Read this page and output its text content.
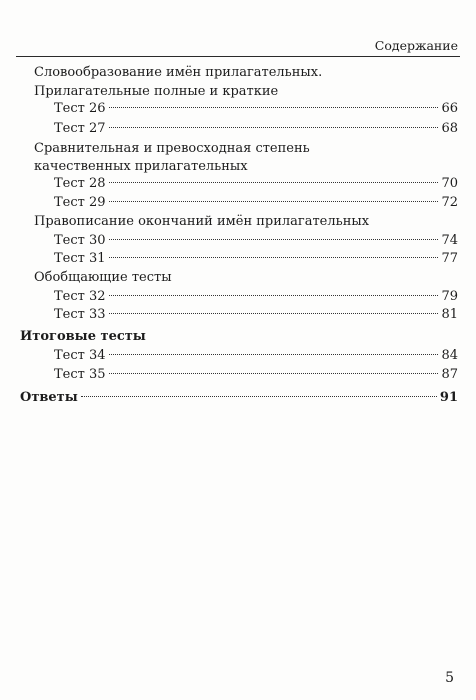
Содержание
Словообразование имён прилагательных.
Прилагательные полные и краткие
Тест 26	66
Тест 27	68
Сравнительная и превосходная степень
качественных прилагательных
Тест 28	70
Тест 29	72
Правописание окончаний имён прилагательных
Тест 30	74
Тест 31	77
Обобщающие тесты
Тест 32	79
Тест 33	81
Итоговые тесты
Тест 34	84
Тест 35	87
Ответы	91
5
